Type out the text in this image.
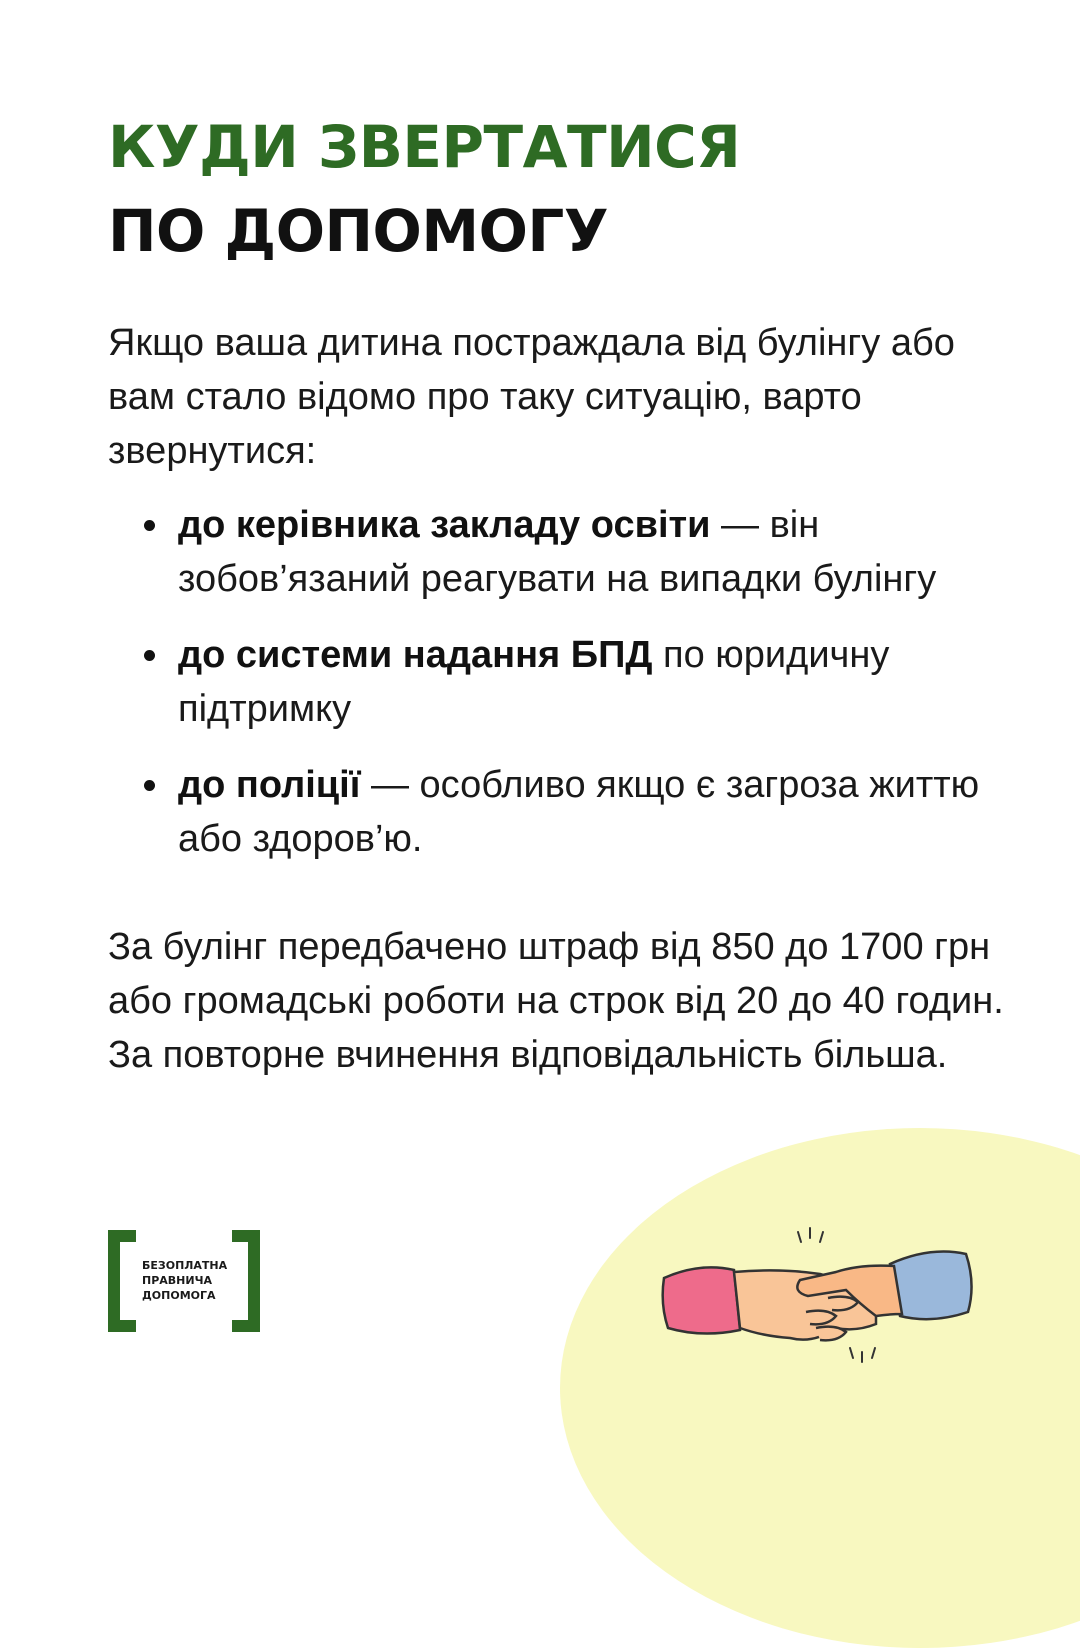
КУДИ ЗВЕРТАТИСЯ
ПО ДОПОМОГУ

Якщо ваша дитина постраждала від булінгу або вам стало відомо про таку ситуацію, варто звернутися:

до керівника закладу освіти — він зобов’язаний реагувати на випадки булінгу
до системи надання БПД по юридичну підтримку
до поліції — особливо якщо є загроза життю або здоров’ю.

За булінг передбачено штраф від 850 до 1700 грн або громадські роботи на строк від 20 до 40 годин. За повторне вчинення відповідальність більша.

БЕЗОПЛАТНА
ПРАВНИЧА
ДОПОМОГА
